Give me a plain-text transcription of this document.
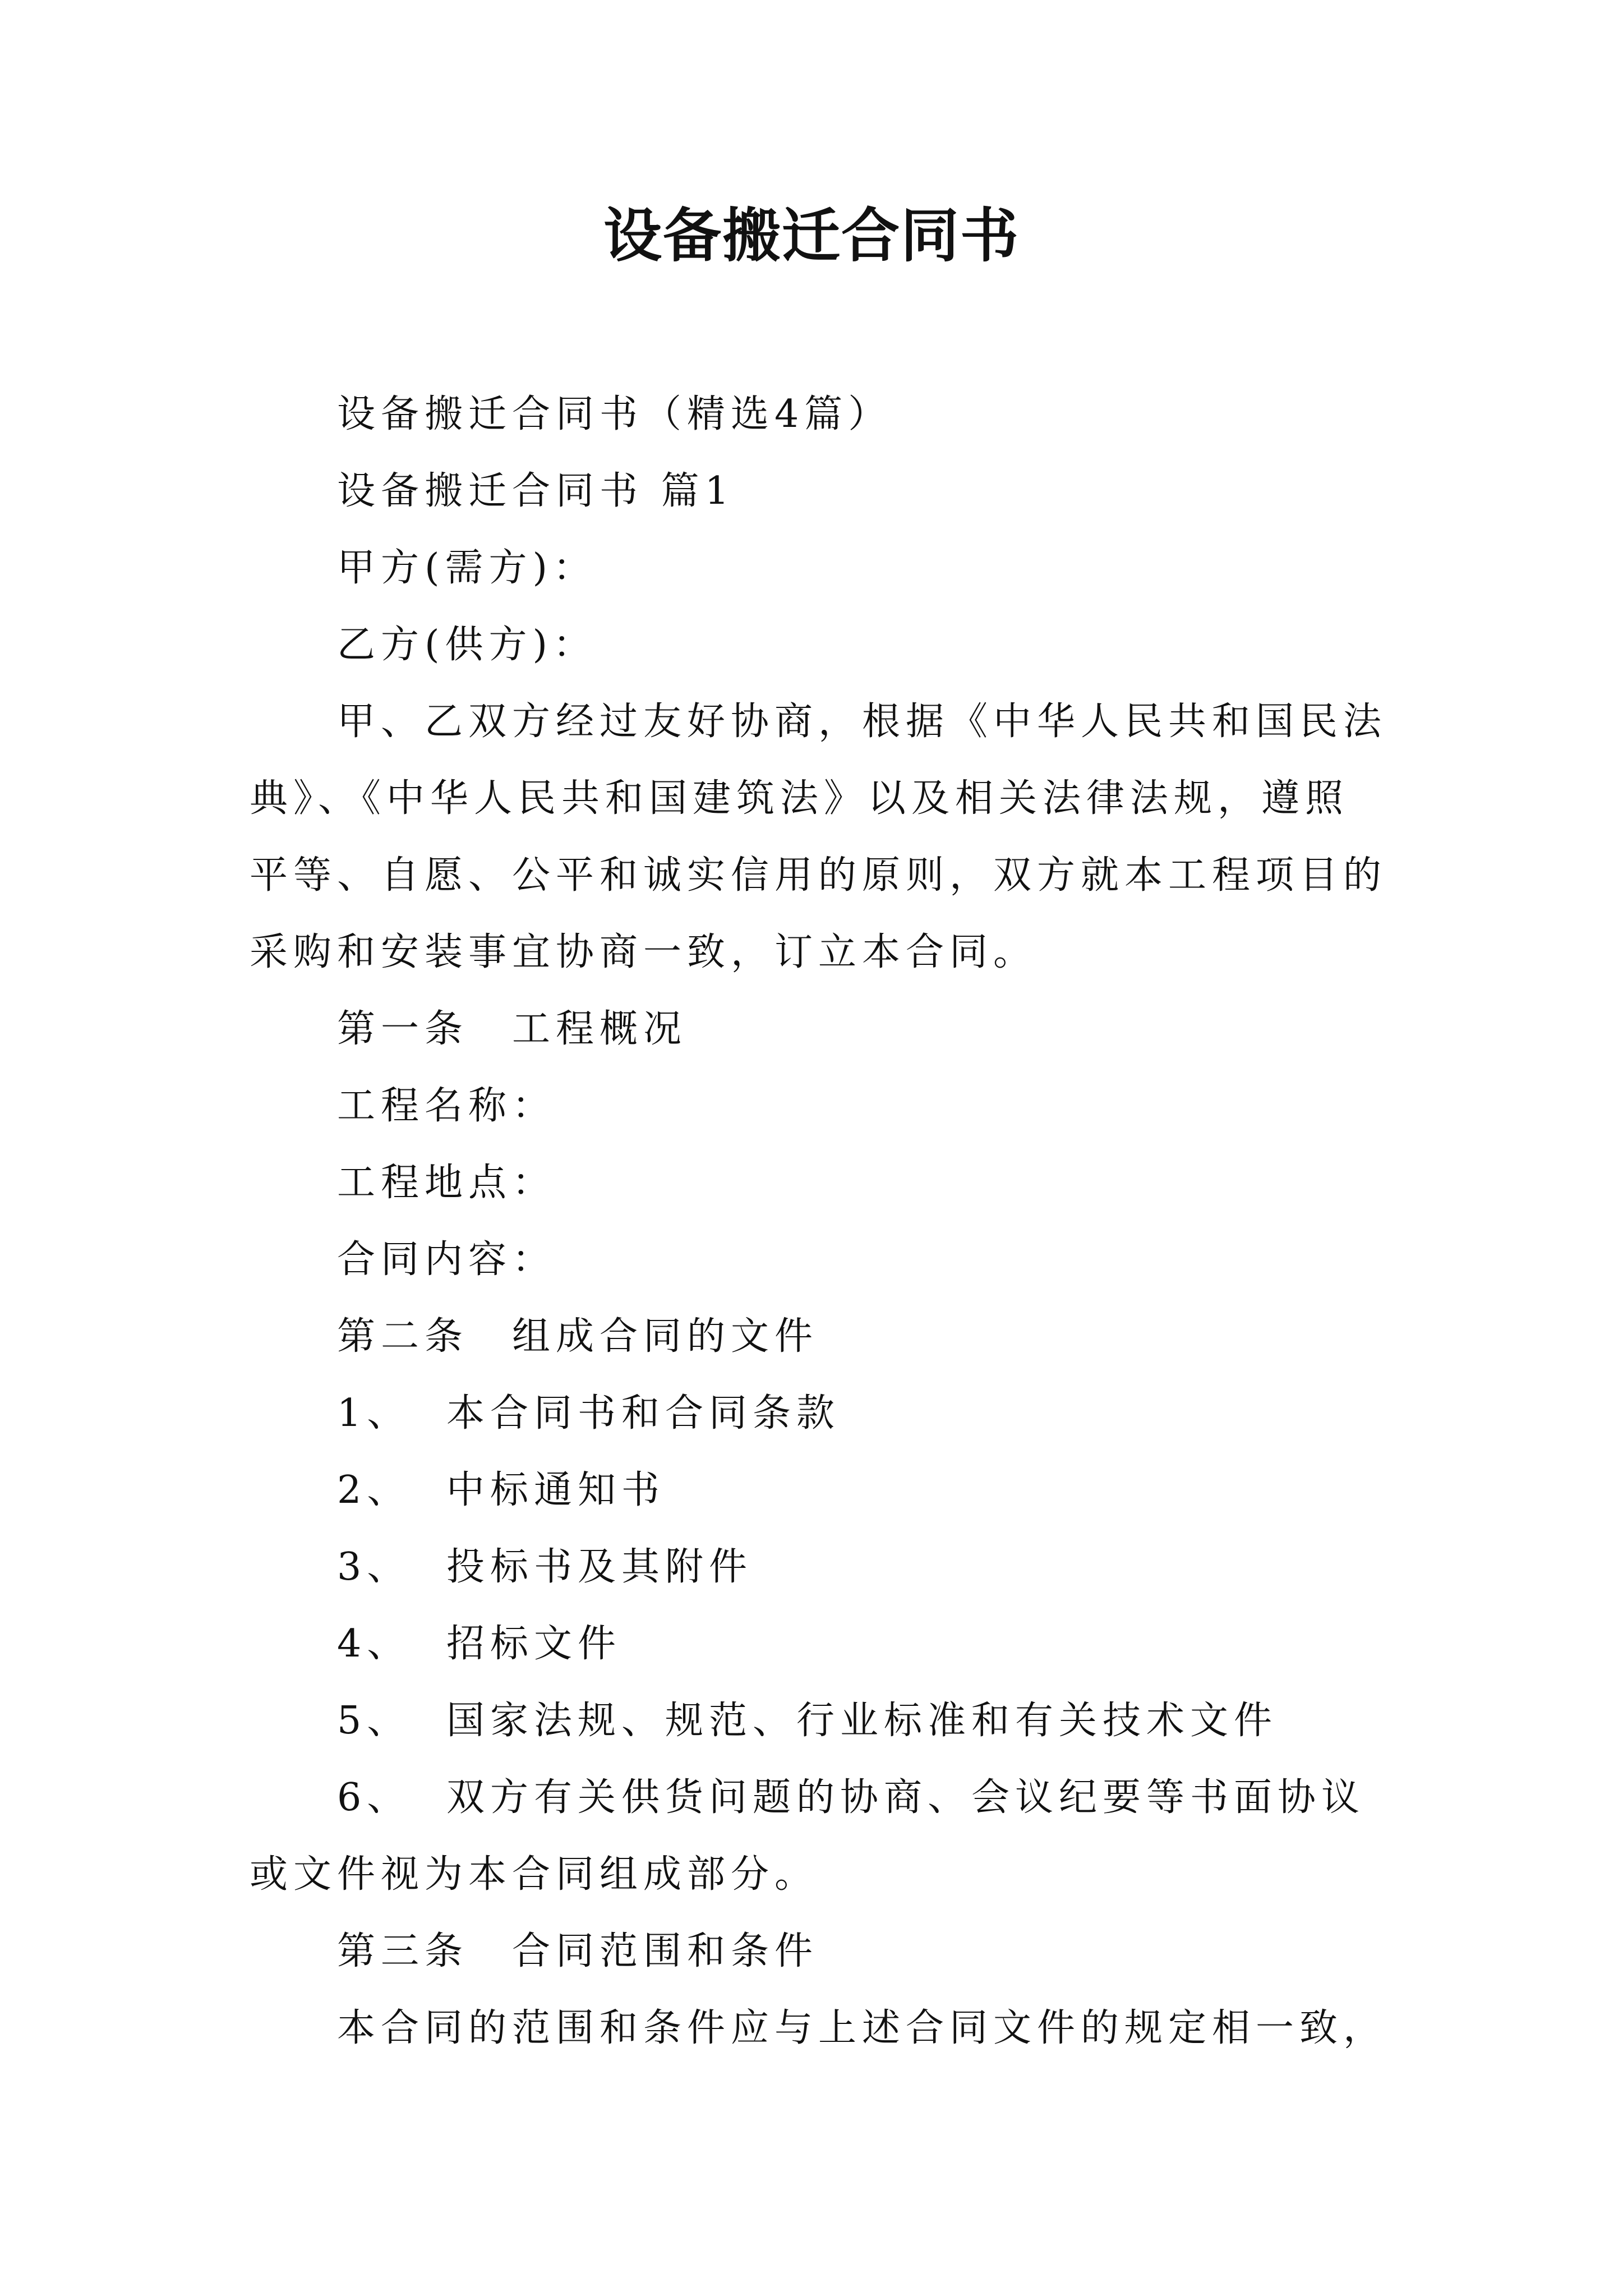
设备搬迁合同书

设备搬迁合同书（精选4篇）

设备搬迁合同书 篇1

甲方(需方)：

乙方(供方)：

甲、乙双方经过友好协商，根据《中华人民共和国民法典》、《中华人民共和国建筑法》以及相关法律法规，遵照平等、自愿、公平和诚实信用的原则，双方就本工程项目的采购和安装事宜协商一致，订立本合同。

第一条　工程概况

工程名称：

工程地点：

合同内容：

第二条　组成合同的文件

1、 本合同书和合同条款

2、 中标通知书

3、 投标书及其附件

4、 招标文件

5、 国家法规、规范、行业标准和有关技术文件

6、 双方有关供货问题的协商、会议纪要等书面协议或文件视为本合同组成部分。

第三条　合同范围和条件

本合同的范围和条件应与上述合同文件的规定相一致，
